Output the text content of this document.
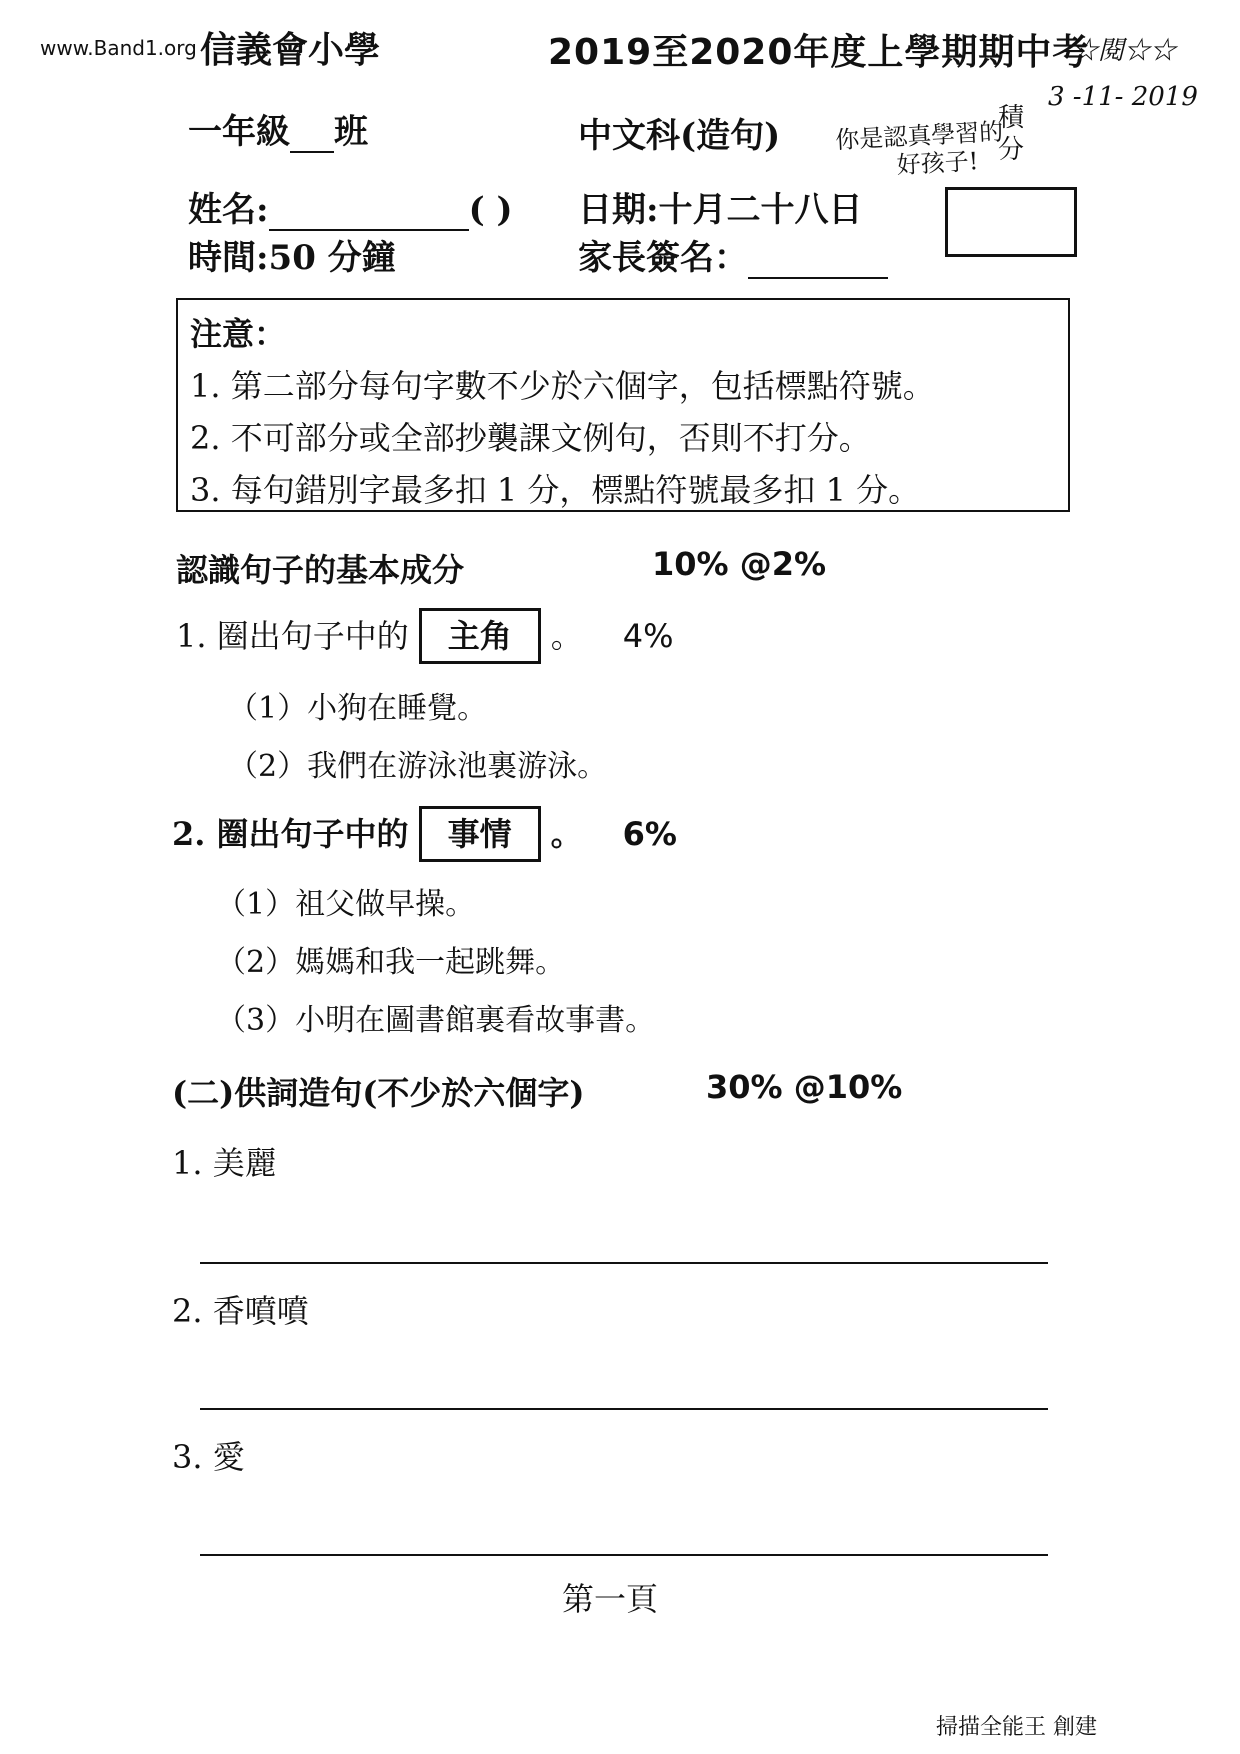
www.Band1.org 信義會小學	2019至2020年度上學期期中考
☆閱☆☆
3 -11- 2019
一年級 班	中文科(造句)
姓名:	( ) 日期:十月二十八日
時間:50 分鐘	家長簽名：
你是認真學習的
好孩子!
積分
注意：
1. 第二部分每句字數不少於六個字，包括標點符號。
2. 不可部分或全部抄襲課文例句，否則不打分。
3. 每句錯別字最多扣 1 分，標點符號最多扣 1 分。
認識句子的基本成分	10% @2%
1. 圈出句子中的 主角 。 4%
（1）小狗在睡覺。
（2）我們在游泳池裏游泳。
2. 圈出句子中的 事情 。 6%
（1）祖父做早操。
（2）媽媽和我一起跳舞。
（3）小明在圖書館裏看故事書。
(二)供詞造句(不少於六個字)	30% @10%
1. 美麗
2. 香噴噴
3. 愛
第一頁
掃描全能王 創建
